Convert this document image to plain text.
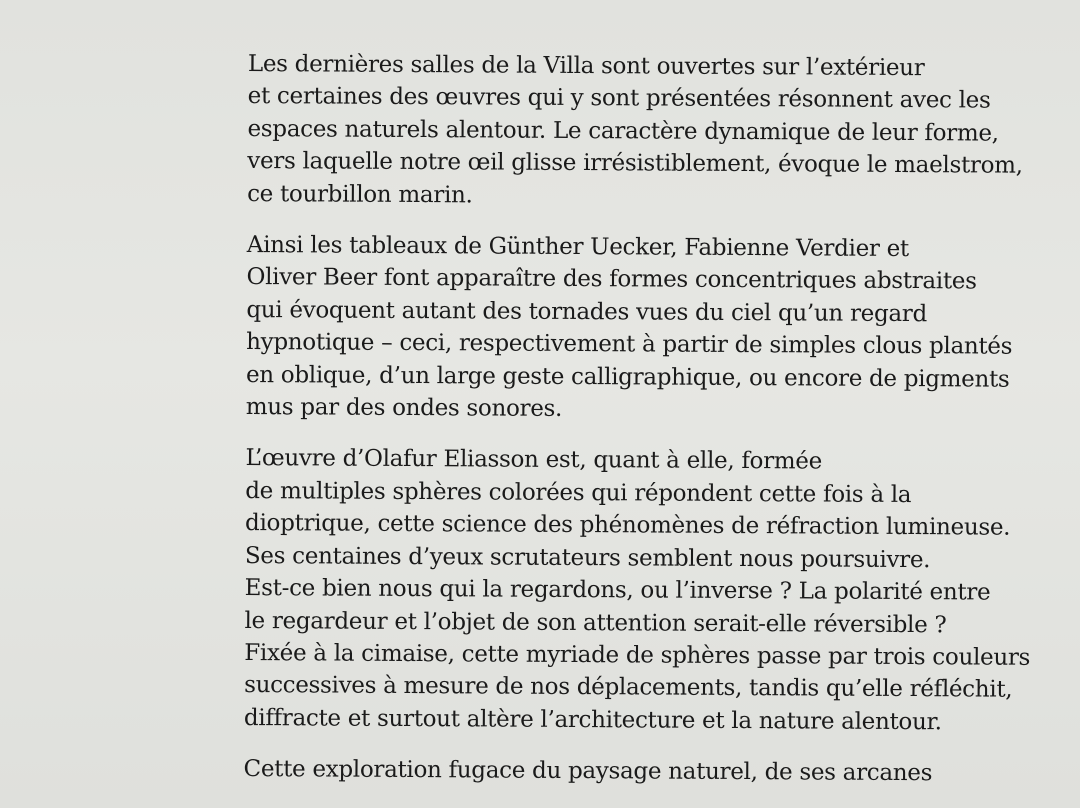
Les dernières salles de la Villa sont ouvertes sur l’extérieur
et certaines des œuvres qui y sont présentées résonnent avec les
espaces naturels alentour. Le caractère dynamique de leur forme,
vers laquelle notre œil glisse irrésistiblement, évoque le maelstrom,
ce tourbillon marin.

Ainsi les tableaux de Günther Uecker, Fabienne Verdier et
Oliver Beer font apparaître des formes concentriques abstraites
qui évoquent autant des tornades vues du ciel qu’un regard
hypnotique – ceci, respectivement à partir de simples clous plantés
en oblique, d’un large geste calligraphique, ou encore de pigments
mus par des ondes sonores.

L’œuvre d’Olafur Eliasson est, quant à elle, formée
de multiples sphères colorées qui répondent cette fois à la
dioptrique, cette science des phénomènes de réfraction lumineuse.
Ses centaines d’yeux scrutateurs semblent nous poursuivre.
Est-ce bien nous qui la regardons, ou l’inverse ? La polarité entre
le regardeur et l’objet de son attention serait-elle réversible ?
Fixée à la cimaise, cette myriade de sphères passe par trois couleurs
successives à mesure de nos déplacements, tandis qu’elle réfléchit,
diffracte et surtout altère l’architecture et la nature alentour.

Cette exploration fugace du paysage naturel, de ses arcanes
